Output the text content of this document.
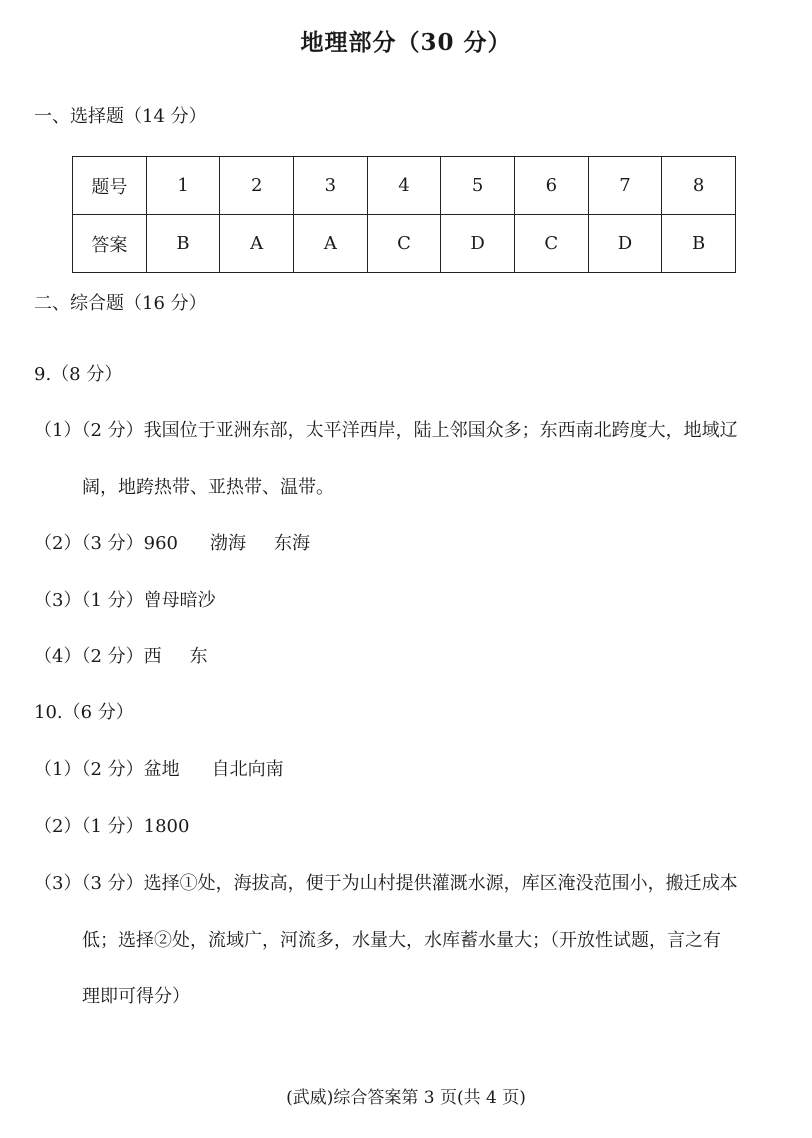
地理部分（30 分）
一、选择题（14 分）
题号	1	2	3	4	5	6	7	8
答案	B	A	A	C	D	C	D	B
二、综合题（16 分）
9.（8 分）
（1）（2 分）我国位于亚洲东部，太平洋西岸，陆上邻国众多；东西南北跨度大，地域辽
阔，地跨热带、亚热带、温带。
（2）（3 分）960 渤海 东海
（3）（1 分）曾母暗沙
（4）（2 分）西 东
10.（6 分）
（1）（2 分）盆地 自北向南
（2）（1 分）1800
（3）（3 分）选择①处，海拔高，便于为山村提供灌溉水源，库区淹没范围小，搬迁成本
低；选择②处，流域广，河流多，水量大，水库蓄水量大；（开放性试题，言之有
理即可得分）
(武威)综合答案第 3 页(共 4 页)
